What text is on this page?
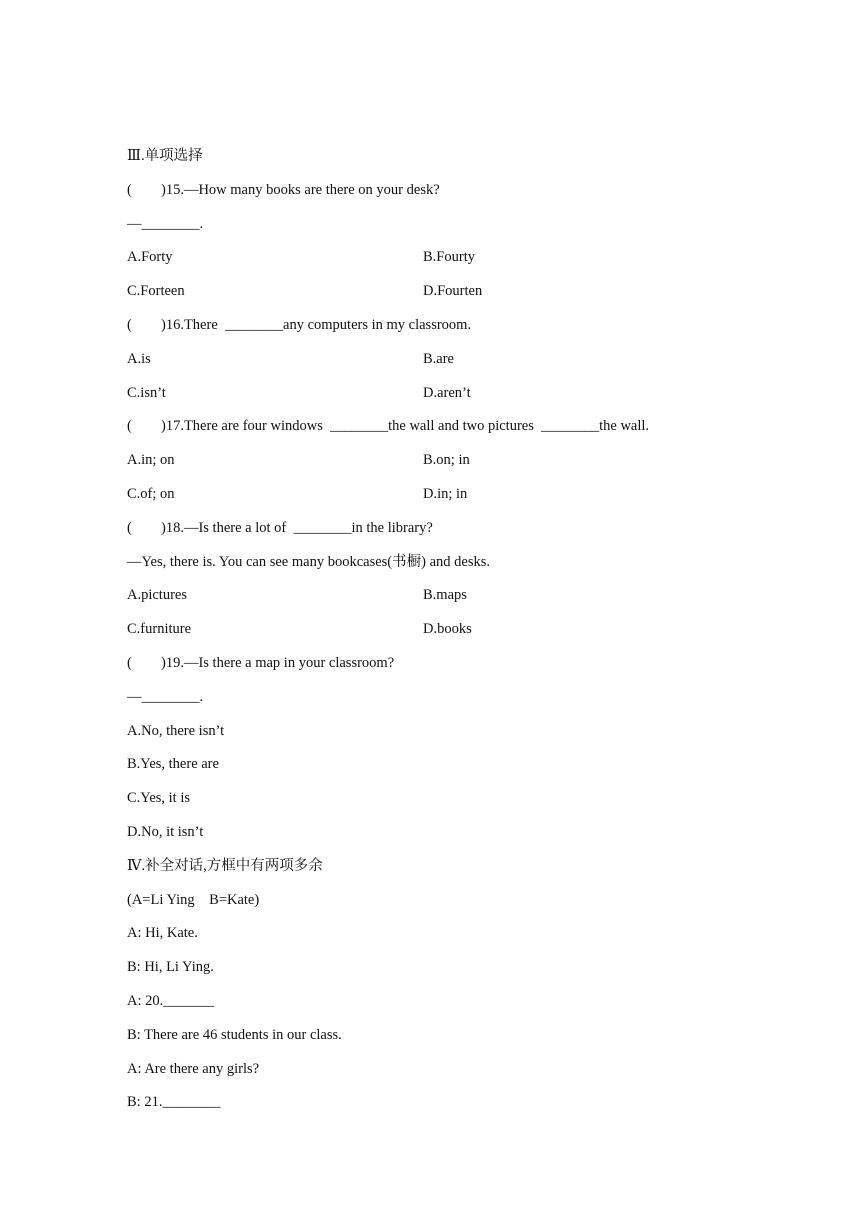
Ⅲ.单项选择
( )15.—How many books are there on your desk?
—________.
A.Forty	B.Fourty
C.Forteen	D.Fourten
( )16.There  ________any computers in my classroom.
A.is	B.are
C.isn’t	D.aren’t
( )17.There are four windows  ________the wall and two pictures  ________the wall.
A.in; on	B.on; in
C.of; on	D.in; in
( )18.—Is there a lot of  ________in the library?
—Yes, there is. You can see many bookcases(书橱) and desks.
A.pictures	B.maps
C.furniture	D.books
( )19.—Is there a map in your classroom?
—________.
A.No, there isn’t
B.Yes, there are
C.Yes, it is
D.No, it isn’t
Ⅳ.补全对话,方框中有两项多余
(A=Li Ying    B=Kate)
A: Hi, Kate.
B: Hi, Li Ying.
A: 20._______
B: There are 46 students in our class.
A: Are there any girls?
B: 21.________
